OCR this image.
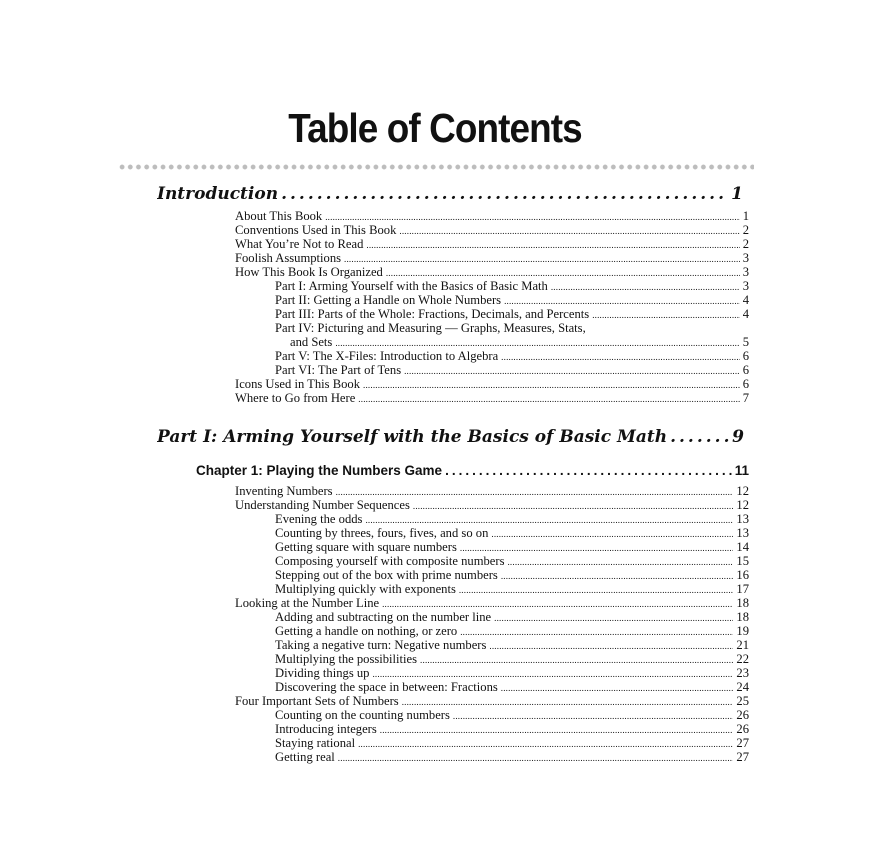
Table of Contents
Introduction .....	1
About This Book .....	1
Conventions Used in This Book .....	2
What You’re Not to Read .....	2
Foolish Assumptions .....	3
How This Book Is Organized .....	3
Part I: Arming Yourself with the Basics of Basic Math .....	3
Part II: Getting a Handle on Whole Numbers .....	4
Part III: Parts of the Whole: Fractions, Decimals, and Percents .....	4
Part IV: Picturing and Measuring — Graphs, Measures, Stats,
and Sets .....	5
Part V: The X-Files: Introduction to Algebra .....	6
Part VI: The Part of Tens .....	6
Icons Used in This Book .....	6
Where to Go from Here .....	7
Part I: Arming Yourself with the Basics of Basic Math .....	9
Chapter 1: Playing the Numbers Game .....	11
Inventing Numbers .....	12
Understanding Number Sequences .....	12
Evening the odds .....	13
Counting by threes, fours, fives, and so on .....	13
Getting square with square numbers .....	14
Composing yourself with composite numbers .....	15
Stepping out of the box with prime numbers .....	16
Multiplying quickly with exponents .....	17
Looking at the Number Line .....	18
Adding and subtracting on the number line .....	18
Getting a handle on nothing, or zero .....	19
Taking a negative turn: Negative numbers .....	21
Multiplying the possibilities .....	22
Dividing things up .....	23
Discovering the space in between: Fractions .....	24
Four Important Sets of Numbers .....	25
Counting on the counting numbers .....	26
Introducing integers .....	26
Staying rational .....	27
Getting real .....	27
